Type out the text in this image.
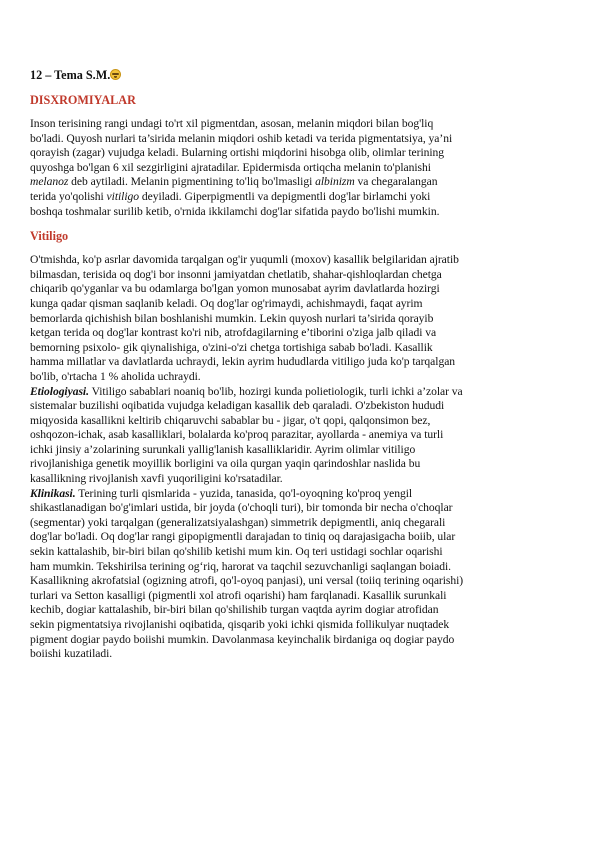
12 – Tema S.M.
DISXROMIYALAR
Inson terisining rangi undagi to'rt xil pigmentdan, asosan, melanin miqdori bilan bog'liq
bo'ladi. Quyosh nurlari ta’sirida melanin miqdori oshib ketadi va terida pigmentatsiya, ya’ni
qorayish (zagar) vujudga keladi. Bularning ortishi miqdorini hisobga olib, olimlar terining
quyoshga bo'lgan 6 xil sezgirligini ajratadilar. Epidermisda ortiqcha melanin to'planishi
melanoz deb aytiladi. Melanin pigmentining to'liq bo'lmasligi albinizm va chegaralangan
terida yo'qolishi vitiligo deyiladi. Giperpigmentli va depigmentli dog'lar birlamchi yoki
boshqa toshmalar surilib ketib, o'rnida ikkilamchi dog'lar sifatida paydo bo'lishi mumkin.
Vitiligo
O'tmishda, ko'p asrlar davomida tarqalgan og'ir yuqumli (moxov) kasallik belgilaridan ajratib
bilmasdan, terisida oq dog'i bor insonni jamiyatdan chetlatib, shahar-qishloqlardan chetga
chiqarib qo'yganlar va bu odamlarga bo'lgan yomon munosabat ayrim davlatlarda hozirgi
kunga qadar qisman saqlanib keladi. Oq dog'lar og'rimaydi, achishmaydi, faqat ayrim
bemorlarda qichishish bilan boshlanishi mumkin. Lekin quyosh nurlari ta’sirida qorayib
ketgan terida oq dog'lar kontrast ko'ri nib, atrofdagilarning e’tiborini o'ziga jalb qiladi va
bemorning psixolo- gik qiynalishiga, o'zini-o'zi chetga tortishiga sabab bo'ladi. Kasallik
hamma millatlar va davlatlarda uchraydi, lekin ayrim hududlarda vitiligo juda ko'p tarqalgan
bo'lib, o'rtacha 1 % aholida uchraydi.
Etiologiyasi. Vitiligo sabablari noaniq bo'lib, hozirgi kunda polietiologik, turli ichki a’zolar va
sistemalar buzilishi oqibatida vujudga keladigan kasallik deb qaraladi. O'zbekiston hududi
miqyosida kasallikni keltirib chiqaruvchi sabablar bu - jigar, o't qopi, qalqonsimon bez,
oshqozon-ichak, asab kasalliklari, bolalarda ko'proq parazitar, ayollarda - anemiya va turli
ichki jinsiy a’zolarining surunkali yallig'lanish kasalliklaridir. Ayrim olimlar vitiligo
rivojlanishiga genetik moyillik borligini va oila qurgan yaqin qarindoshlar naslida bu
kasallikning rivojlanish xavfi yuqoriligini ko'rsatadilar.
Klinikasi. Terining turli qismlarida - yuzida, tanasida, qo'l-oyoqning ko'proq yengil
shikastlanadigan bo'g'imlari ustida, bir joyda (o'choqli turi), bir tomonda bir necha o'choqlar
(segmentar) yoki tarqalgan (generalizatsiyalashgan) simmetrik depigmentli, aniq chegarali
dog'lar bo'ladi. Oq dog'lar rangi gipopigmentli darajadan to tiniq oq darajasigacha boiib, ular
sekin kattalashib, bir-biri bilan qo'shilib ketishi mum kin. Oq teri ustidagi sochlar oqarishi
ham mumkin. Tekshirilsa terining og‘riq, harorat va taqchil sezuvchanligi saqlangan boiadi.
Kasallikning akrofatsial (ogizning atrofi, qo'l-oyoq panjasi), uni versal (toiiq terining oqarishi)
turlari va Setton kasalligi (pigmentli xol atrofi oqarishi) ham farqlanadi. Kasallik surunkali
kechib, dogiar kattalashib, bir-biri bilan qo'shilishib turgan vaqtda ayrim dogiar atrofidan
sekin pigmentatsiya rivojlanishi oqibatida, qisqarib yoki ichki qismida follikulyar nuqtadek
pigment dogiar paydo boiishi mumkin. Davolanmasa keyinchalik birdaniga oq dogiar paydo
boiishi kuzatiladi.
